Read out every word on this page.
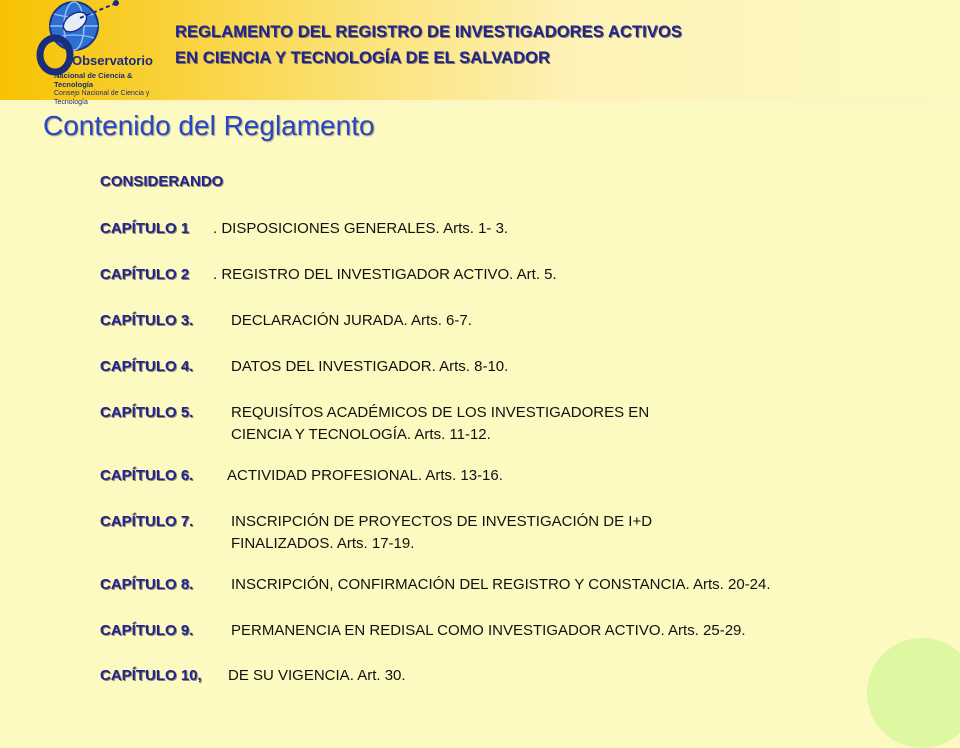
Observatorio
Nacional de Ciencia & Tecnología
Consejo Nacional de Ciencia y Tecnología
REGLAMENTO DEL REGISTRO DE INVESTIGADORES ACTIVOS
EN CIENCIA Y TECNOLOGÍA DE EL SALVADOR
Contenido del Reglamento
CONSIDERANDO
CAPÍTULO 1 . DISPOSICIONES GENERALES. Arts. 1- 3.
CAPÍTULO 2 . REGISTRO DEL INVESTIGADOR ACTIVO. Art. 5.
CAPÍTULO 3.	DECLARACIÓN JURADA. Arts. 6-7.
CAPÍTULO 4.	DATOS DEL INVESTIGADOR. Arts. 8-10.
CAPÍTULO 5.	REQUISÍTOS ACADÉMICOS DE LOS INVESTIGADORES EN
CIENCIA Y TECNOLOGÍA. Arts. 11-12.
CAPÍTULO 6. ACTIVIDAD PROFESIONAL. Arts. 13-16.
CAPÍTULO 7.	INSCRIPCIÓN DE PROYECTOS DE INVESTIGACIÓN DE I+D
FINALIZADOS. Arts. 17-19.
CAPÍTULO 8.	INSCRIPCIÓN, CONFIRMACIÓN DEL REGISTRO Y CONSTANCIA. Arts. 20-24.
CAPÍTULO 9.	PERMANENCIA EN REDISAL COMO INVESTIGADOR ACTIVO. Arts. 25-29.
CAPÍTULO 10, DE SU VIGENCIA. Art. 30.
